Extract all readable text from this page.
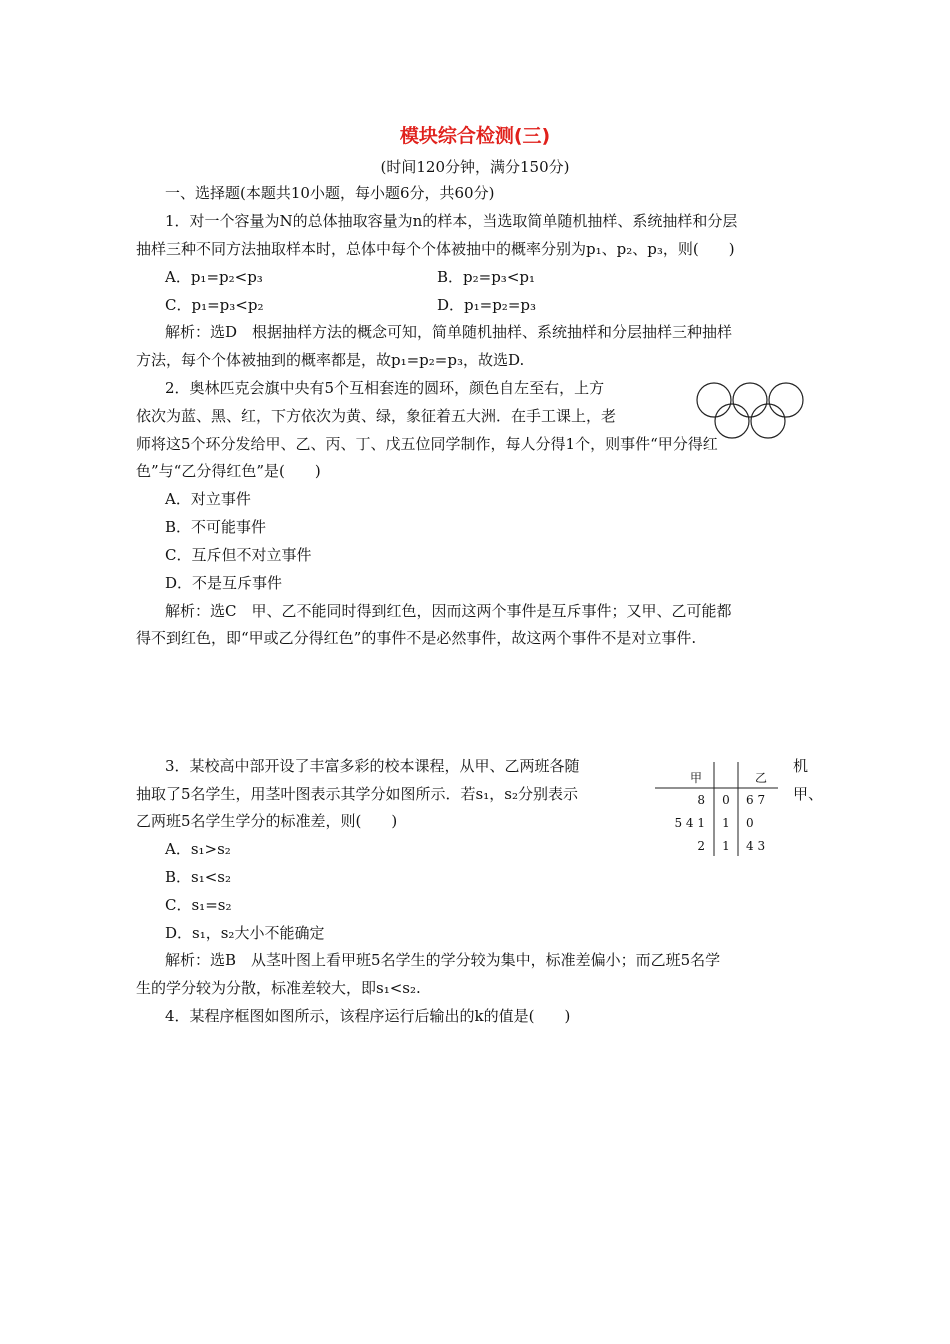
模块综合检测(三)
(时间120分钟，满分150分)
一、选择题(本题共10小题，每小题6分，共60分)
1．对一个容量为N的总体抽取容量为n的样本，当选取简单随机抽样、系统抽样和分层
抽样三种不同方法抽取样本时，总体中每个个体被抽中的概率分别为p₁、p₂、p₃，则(　　)
A．p₁=p₂<p₃	B．p₂=p₃<p₁
C．p₁=p₃<p₂	D．p₁=p₂=p₃
解析：选D　根据抽样方法的概念可知，简单随机抽样、系统抽样和分层抽样三种抽样
方法，每个个体被抽到的概率都是，故p₁=p₂=p₃，故选D.
2．奥林匹克会旗中央有5个互相套连的圆环，颜色自左至右，上方
依次为蓝、黑、红，下方依次为黄、绿，象征着五大洲．在手工课上，老
师将这5个环分发给甲、乙、丙、丁、戊五位同学制作，每人分得1个，则事件“甲分得红
色”与“乙分得红色”是(　　)
A．对立事件
B．不可能事件
C．互斥但不对立事件
D．不是互斥事件
解析：选C　甲、乙不能同时得到红色，因而这两个事件是互斥事件；又甲、乙可能都
得不到红色，即“甲或乙分得红色”的事件不是必然事件，故这两个事件不是对立事件.
3．某校高中部开设了丰富多彩的校本课程，从甲、乙两班各随	机
抽取了5名学生，用茎叶图表示其学分如图所示．若s₁，s₂分别表示	甲、
乙两班5名学生学分的标准差，则(　　)
A．s₁>s₂
B．s₁<s₂
C．s₁=s₂
D．s₁，s₂大小不能确定
解析：选B　从茎叶图上看甲班5名学生的学分较为集中，标准差偏小；而乙班5名学
生的学分较为分散，标准差较大，即s₁<s₂.
甲	乙
8	0	6 7
5 4 1	1	0
2	1	4 3
4．某程序框图如图所示，该程序运行后输出的k的值是(　　)
